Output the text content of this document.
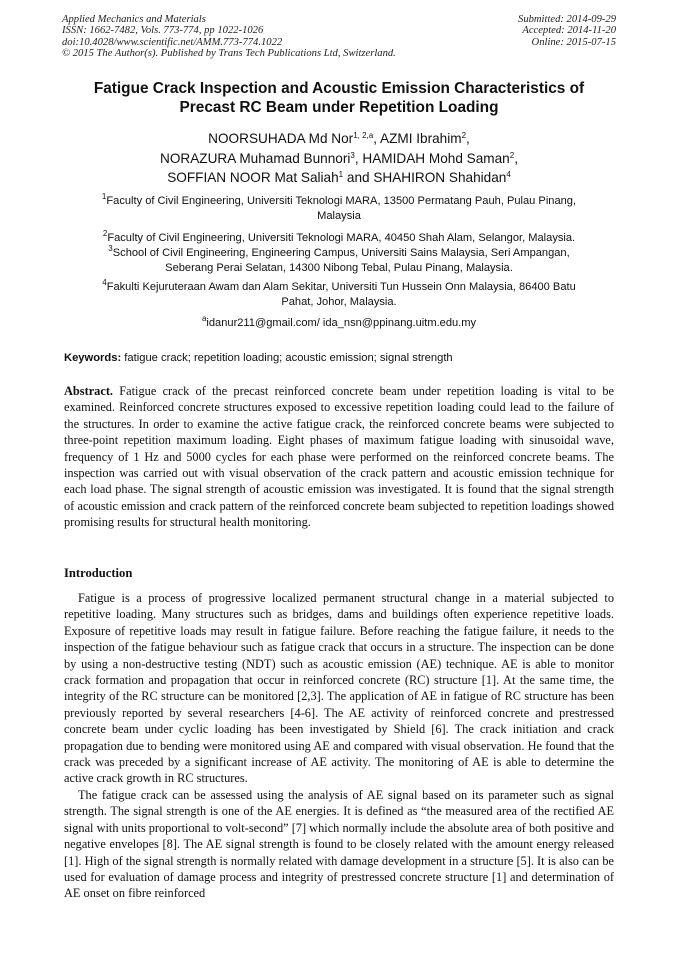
Applied Mechanics and Materials
ISSN: 1662-7482, Vols. 773-774, pp 1022-1026
doi:10.4028/www.scientific.net/AMM.773-774.1022
© 2015 The Author(s). Published by Trans Tech Publications Ltd, Switzerland.
Submitted: 2014-09-29
Accepted: 2014-11-20
Online: 2015-07-15
Fatigue Crack Inspection and Acoustic Emission Characteristics of
Precast RC Beam under Repetition Loading
NOORSUHADA Md Nor$^{1, 2,a}$, AZMI Ibrahim$^2$,
NORAZURA Muhamad Bunnori$^3$, HAMIDAH Mohd Saman$^2$,
SOFFIAN NOOR Mat Saliah$^1$ and SHAHIRON Shahidan$^4$
$^1$Faculty of Civil Engineering, Universiti Teknologi MARA, 13500 Permatang Pauh, Pulau Pinang,
Malaysia
$^2$Faculty of Civil Engineering, Universiti Teknologi MARA, 40450 Shah Alam, Selangor, Malaysia.
$^3$School of Civil Engineering, Engineering Campus, Universiti Sains Malaysia, Seri Ampangan,
Seberang Perai Selatan, 14300 Nibong Tebal, Pulau Pinang, Malaysia.
$^4$Fakulti Kejuruteraan Awam dan Alam Sekitar, Universiti Tun Hussein Onn Malaysia, 86400 Batu
Pahat, Johor, Malaysia.
$^a$idanur211@gmail.com/ ida_nsn@ppinang.uitm.edu.my
Keywords: fatigue crack; repetition loading; acoustic emission; signal strength
Abstract. Fatigue crack of the precast reinforced concrete beam under repetition loading is vital to be examined. Reinforced concrete structures exposed to excessive repetition loading could lead to the failure of the structures. In order to examine the active fatigue crack, the reinforced concrete beams were subjected to three-point repetition maximum loading. Eight phases of maximum fatigue loading with sinusoidal wave, frequency of 1 Hz and 5000 cycles for each phase were performed on the reinforced concrete beams. The inspection was carried out with visual observation of the crack pattern and acoustic emission technique for each load phase. The signal strength of acoustic emission was investigated. It is found that the signal strength of acoustic emission and crack pattern of the reinforced concrete beam subjected to repetition loadings showed promising results for structural health monitoring.
Introduction

Fatigue is a process of progressive localized permanent structural change in a material subjected to repetitive loading. Many structures such as bridges, dams and buildings often experience repetitive loads. Exposure of repetitive loads may result in fatigue failure. Before reaching the fatigue failure, it needs to the inspection of the fatigue behaviour such as fatigue crack that occurs in a structure. The inspection can be done by using a non-destructive testing (NDT) such as acoustic emission (AE) technique. AE is able to monitor crack formation and propagation that occur in reinforced concrete (RC) structure [1]. At the same time, the integrity of the RC structure can be monitored [2,3]. The application of AE in fatigue of RC structure has been previously reported by several researchers [4-6]. The AE activity of reinforced concrete and prestressed concrete beam under cyclic loading has been investigated by Shield [6]. The crack initiation and crack propagation due to bending were monitored using AE and compared with visual observation. He found that the crack was preceded by a significant increase of AE activity. The monitoring of AE is able to determine the active crack growth in RC structures.

The fatigue crack can be assessed using the analysis of AE signal based on its parameter such as signal strength. The signal strength is one of the AE energies. It is defined as “the measured area of the rectified AE signal with units proportional to volt-second” [7] which normally include the absolute area of both positive and negative envelopes [8]. The AE signal strength is found to be closely related with the amount energy released [1]. High of the signal strength is normally related with damage development in a structure [5]. It is also can be used for evaluation of damage process and integrity of prestressed concrete structure [1] and determination of AE onset on fibre reinforced
